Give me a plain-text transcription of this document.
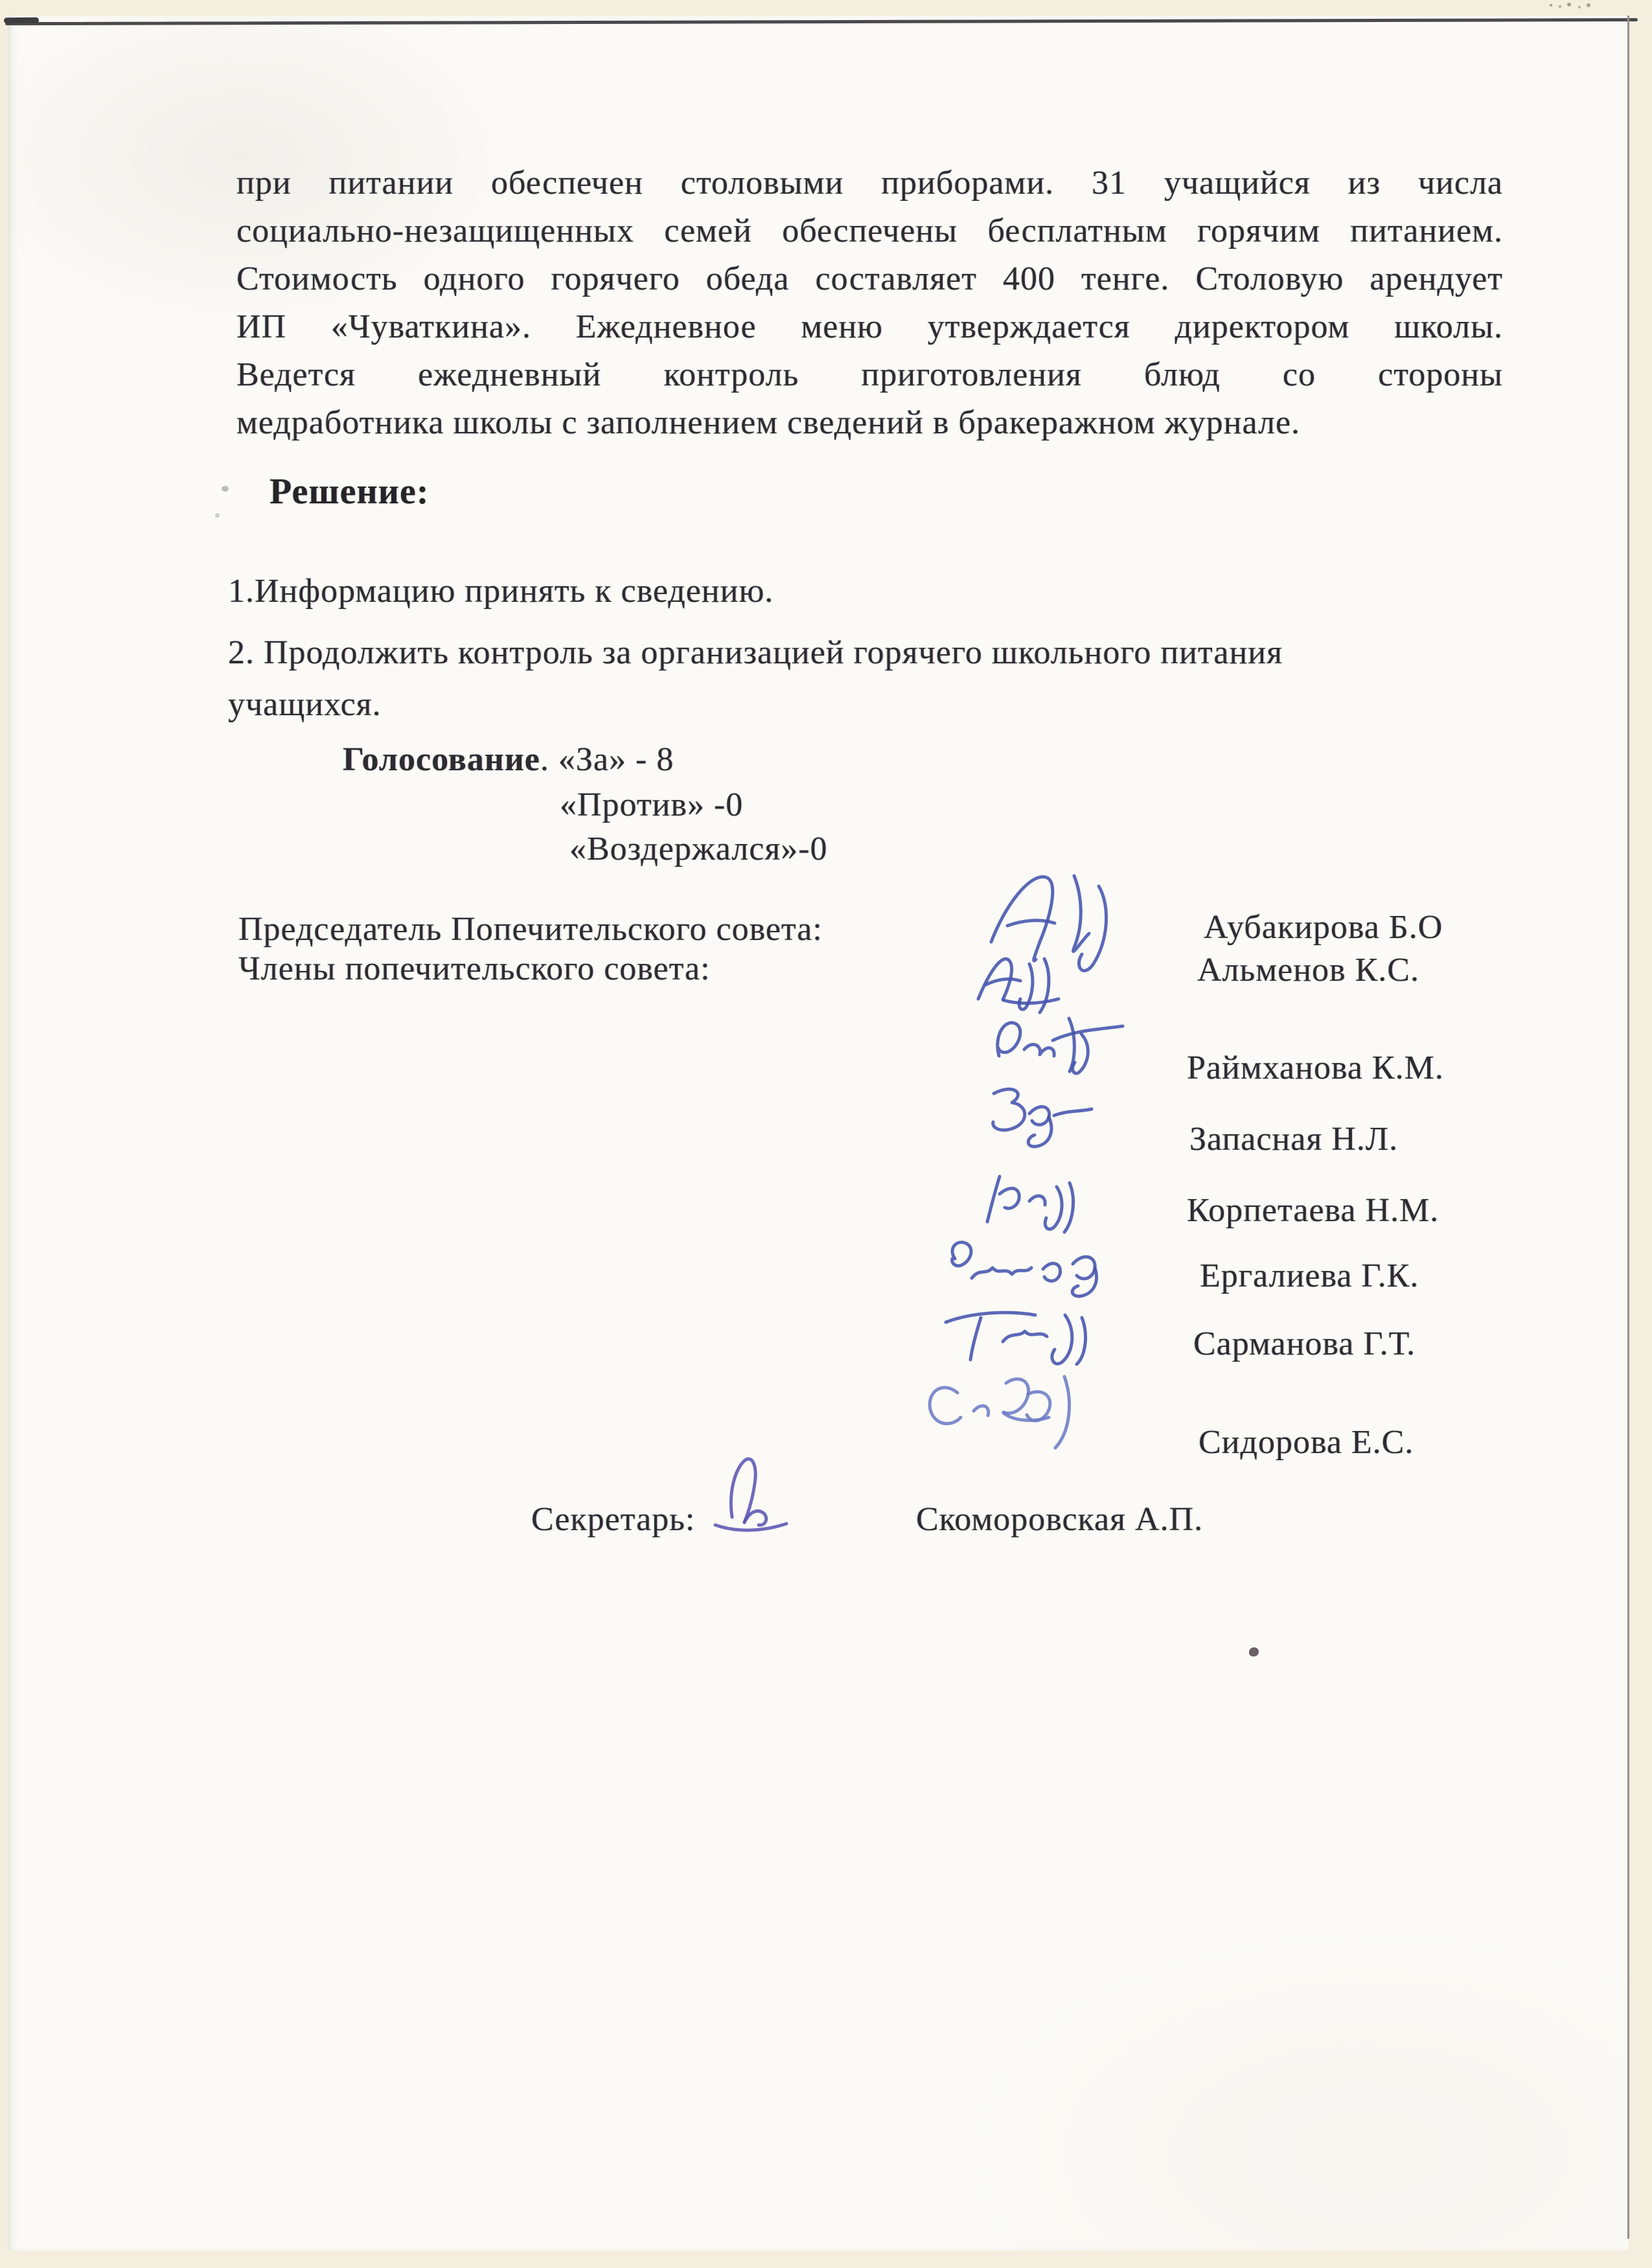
при питании обеспечен столовыми приборами. 31 учащийся из числа
социально-незащищенных семей обеспечены бесплатным горячим питанием.
Стоимость одного горячего обеда составляет 400 тенге. Столовую арендует
ИП «Чуваткина». Ежедневное меню утверждается директором школы.
Ведется ежедневный контроль приготовления блюд со стороны
медработника школы с заполнением сведений в бракеражном журнале.
Решение:
1.Информацию принять к сведению.
2. Продолжить контроль за организацией горячего школьного питания
учащихся.
Голосование. «За» - 8
«Против» -0
«Воздержался»-0
Председатель Попечительского совета:
Члены попечительского совета:
Аубакирова Б.О
Альменов К.С.
Раймханова К.М.
Запасная Н.Л.
Корпетаева Н.М.
Ергалиева Г.К.
Сарманова Г.Т.
Сидорова Е.С.
Секретарь:	Скоморовская А.П.
